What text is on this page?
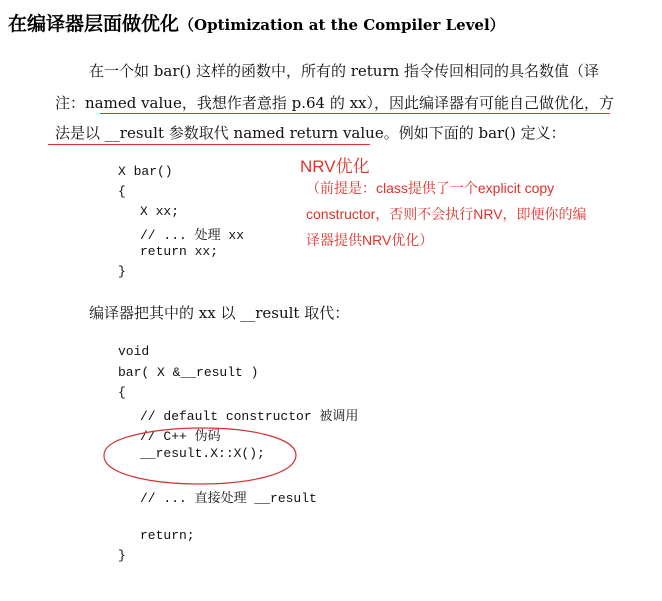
在编译器层面做优化（Optimization at the Compiler Level）
在一个如 bar() 这样的函数中，所有的 return 指令传回相同的具名数值（译
注：named value，我想作者意指 p.64 的 xx），因此编译器有可能自己做优化，方
法是以 __result 参数取代 named return value。例如下面的 bar() 定义：
X bar()
{
X xx;
// ... 处理 xx
return xx;
}
NRV优化
（前提是：class提供了一个explicit copy
constructor，否则不会执行NRV，即便你的编
译器提供NRV优化）
编译器把其中的 xx 以 __result 取代：
void
bar( X &__result )
{
// default constructor 被调用
// C++ 伪码
__result.X::X();
// ... 直接处理 __result
return;
}
